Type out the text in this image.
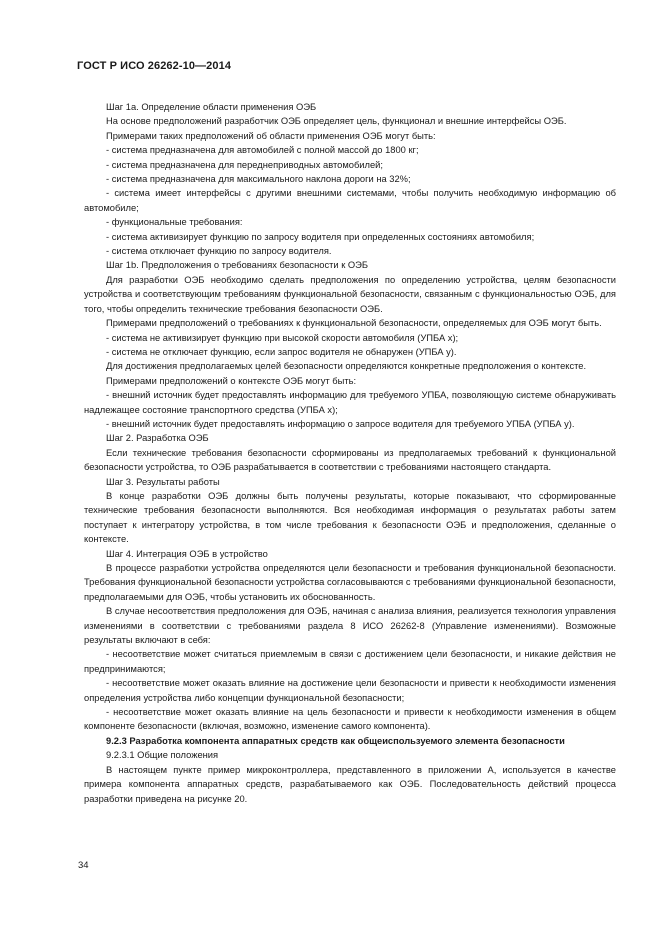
ГОСТ Р ИСО 26262-10—2014

Шаг 1а. Определение области применения ОЭБ

На основе предположений разработчик ОЭБ определяет цель, функционал и внешние интерфейсы ОЭБ.

Примерами таких предположений об области применения ОЭБ могут быть:

- система предназначена для автомобилей с полной массой до 1800 кг;

- система предназначена для переднеприводных автомобилей;

- система предназначена для максимального наклона дороги на 32%;

- система имеет интерфейсы с другими внешними системами, чтобы получить необходимую информацию об автомобиле;

- функциональные требования:

- система активизирует функцию по запросу водителя при определенных состояниях автомобиля;

- система отключает функцию по запросу водителя.

Шаг 1b. Предположения о требованиях безопасности к ОЭБ

Для разработки ОЭБ необходимо сделать предположения по определению устройства, целям безопасности устройства и соответствующим требованиям функциональной безопасности, связанным с функциональностью ОЭБ, для того, чтобы определить технические требования безопасности ОЭБ.

Примерами предположений о требованиях к функциональной безопасности, определяемых для ОЭБ могут быть.

- система не активизирует функцию при высокой скорости автомобиля (УПБА x);

- система не отключает функцию, если запрос водителя не обнаружен (УПБА y).

Для достижения предполагаемых целей безопасности определяются конкретные предположения о контексте.

Примерами предположений о контексте ОЭБ могут быть:

- внешний источник будет предоставлять информацию для требуемого УПБА, позволяющую системе обнаруживать надлежащее состояние транспортного средства (УПБА x);

- внешний источник будет предоставлять информацию о запросе водителя для требуемого УПБА (УПБА y).

Шаг 2. Разработка ОЭБ

Если технические требования безопасности сформированы из предполагаемых требований к функциональной безопасности устройства, то ОЭБ разрабатывается в соответствии с требованиями настоящего стандарта.

Шаг 3. Результаты работы

В конце разработки ОЭБ должны быть получены результаты, которые показывают, что сформированные технические требования безопасности выполняются. Вся необходимая информация о результатах работы затем поступает к интегратору устройства, в том числе требования к безопасности ОЭБ и предположения, сделанные о контексте.

Шаг 4. Интеграция ОЭБ в устройство

В процессе разработки устройства определяются цели безопасности и требования функциональной безопасности. Требования функциональной безопасности устройства согласовываются с требованиями функциональной безопасности, предполагаемыми для ОЭБ, чтобы установить их обоснованность.

В случае несоответствия предположения для ОЭБ, начиная с анализа влияния, реализуется технология управления изменениями в соответствии с требованиями раздела 8 ИСО 26262-8 (Управление изменениями). Возможные результаты включают в себя:

- несоответствие может считаться приемлемым в связи с достижением цели безопасности, и никакие действия не предпринимаются;

- несоответствие может оказать влияние на достижение цели безопасности и привести к необходимости изменения определения устройства либо концепции функциональной безопасности;

- несоответствие может оказать влияние на цель безопасности и привести к необходимости изменения в общем компоненте безопасности (включая, возможно, изменение самого компонента).

9.2.3 Разработка компонента аппаратных средств как общеиспользуемого элемента безопасности

9.2.3.1 Общие положения

В настоящем пункте пример микроконтроллера, представленного в приложении А, используется в качестве примера компонента аппаратных средств, разрабатываемого как ОЭБ. Последовательность действий процесса разработки приведена на рисунке 20.

34
